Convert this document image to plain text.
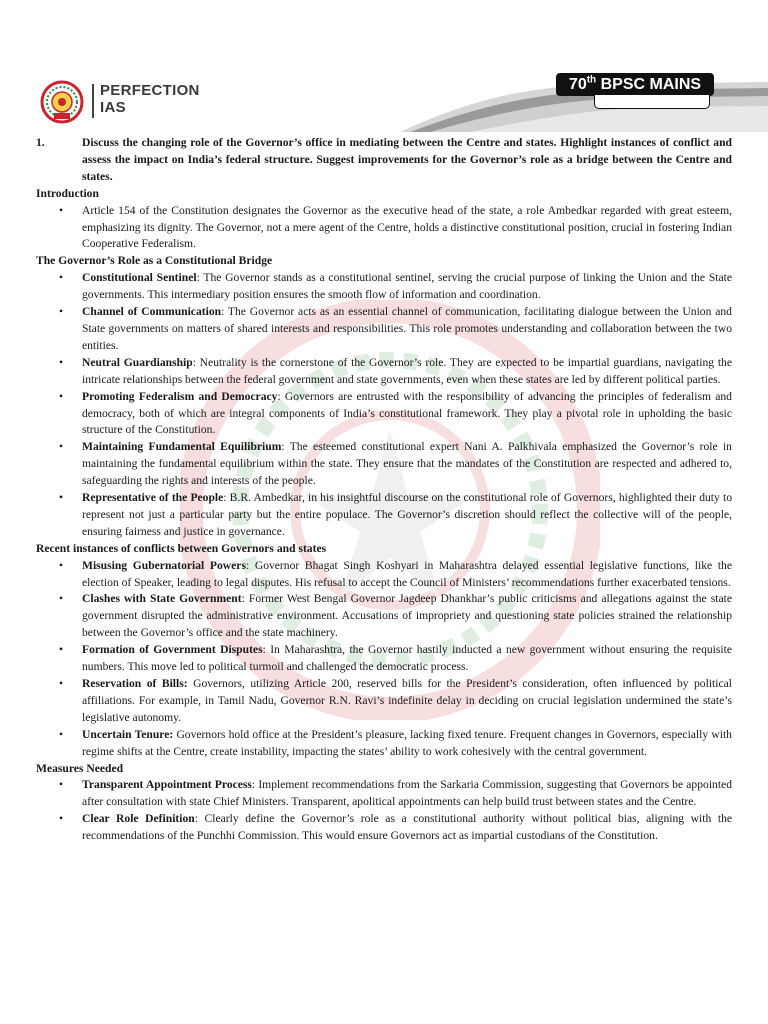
PERFECTION
IAS
70th BPSC MAINS
1.	Discuss the changing role of the Governor’s office in mediating between the Centre and states. Highlight instances of conflict and assess the impact on India’s federal structure. Suggest improvements for the Governor’s role as a bridge between the Centre and states.
Introduction
• Article 154 of the Constitution designates the Governor as the executive head of the state, a role Ambedkar regarded with great esteem, emphasizing its dignity. The Governor, not a mere agent of the Centre, holds a distinctive constitutional position, crucial in fostering Indian Cooperative Federalism.
The Governor’s Role as a Constitutional Bridge
• Constitutional Sentinel: The Governor stands as a constitutional sentinel, serving the crucial purpose of linking the Union and the State governments. This intermediary position ensures the smooth flow of information and coordination.
• Channel of Communication: The Governor acts as an essential channel of communication, facilitating dialogue between the Union and State governments on matters of shared interests and responsibilities. This role promotes understanding and collaboration between the two entities.
• Neutral Guardianship: Neutrality is the cornerstone of the Governor’s role. They are expected to be impartial guardians, navigating the intricate relationships between the federal government and state governments, even when these states are led by different political parties.
• Promoting Federalism and Democracy: Governors are entrusted with the responsibility of advancing the principles of federalism and democracy, both of which are integral components of India’s constitutional framework. They play a pivotal role in upholding the basic structure of the Constitution.
• Maintaining Fundamental Equilibrium: The esteemed constitutional expert Nani A. Palkhivala emphasized the Governor’s role in maintaining the fundamental equilibrium within the state. They ensure that the mandates of the Constitution are respected and adhered to, safeguarding the rights and interests of the people.
• Representative of the People: B.R. Ambedkar, in his insightful discourse on the constitutional role of Governors, highlighted their duty to represent not just a particular party but the entire populace. The Governor’s discretion should reflect the collective will of the people, ensuring fairness and justice in governance.
Recent instances of conflicts between Governors and states
• Misusing Gubernatorial Powers: Governor Bhagat Singh Koshyari in Maharashtra delayed essential legislative functions, like the election of Speaker, leading to legal disputes. His refusal to accept the Council of Ministers’ recommendations further exacerbated tensions.
• Clashes with State Government: Former West Bengal Governor Jagdeep Dhankhar’s public criticisms and allegations against the state government disrupted the administrative environment. Accusations of impropriety and questioning state policies strained the relationship between the Governor’s office and the state machinery.
• Formation of Government Disputes: In Maharashtra, the Governor hastily inducted a new government without ensuring the requisite numbers. This move led to political turmoil and challenged the democratic process.
• Reservation of Bills: Governors, utilizing Article 200, reserved bills for the President’s consideration, often influenced by political affiliations. For example, in Tamil Nadu, Governor R.N. Ravi’s indefinite delay in deciding on crucial legislation undermined the state’s legislative autonomy.
• Uncertain Tenure: Governors hold office at the President’s pleasure, lacking fixed tenure. Frequent changes in Governors, especially with regime shifts at the Centre, create instability, impacting the states’ ability to work cohesively with the central government.
Measures Needed
• Transparent Appointment Process: Implement recommendations from the Sarkaria Commission, suggesting that Governors be appointed after consultation with state Chief Ministers. Transparent, apolitical appointments can help build trust between states and the Centre.
• Clear Role Definition: Clearly define the Governor’s role as a constitutional authority without political bias, aligning with the recommendations of the Punchhi Commission. This would ensure Governors act as impartial custodians of the Constitution.
